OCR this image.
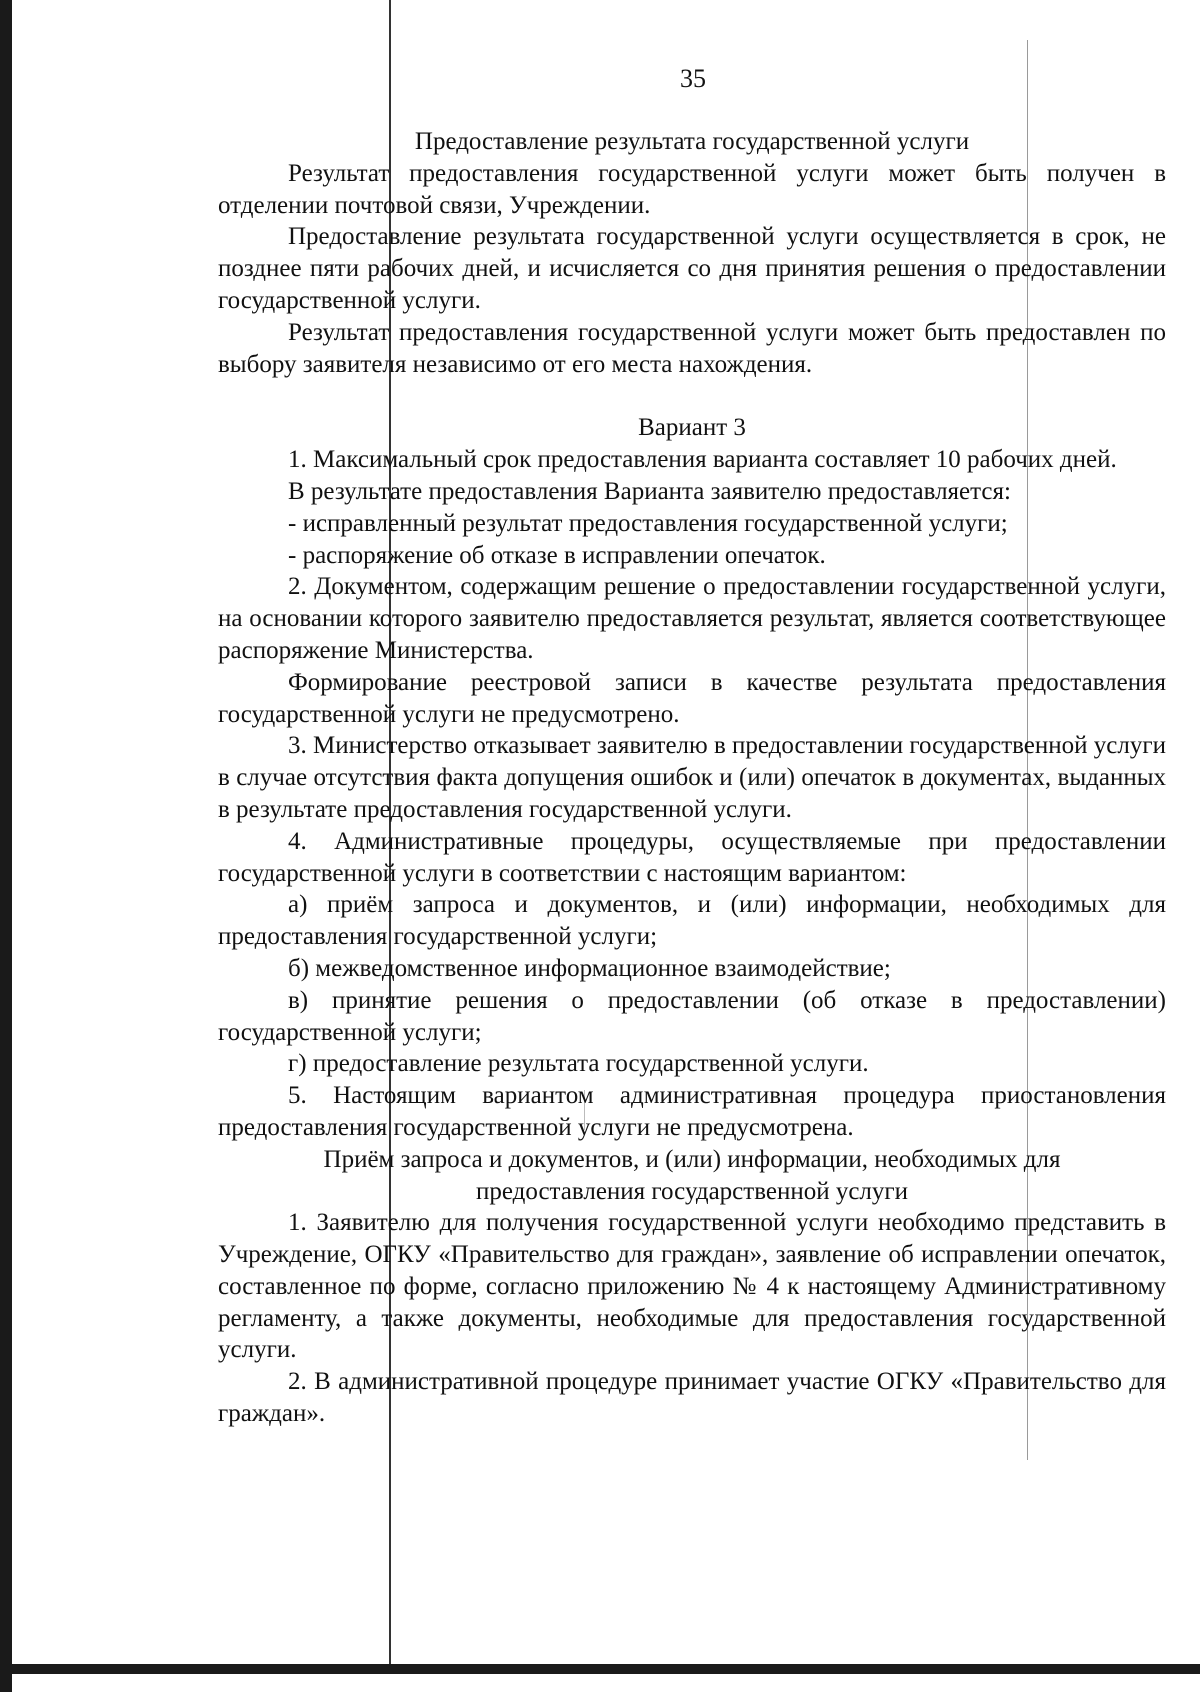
35

Предоставление результата государственной услуги

Результат предоставления государственной услуги может быть получен в отделении почтовой связи, Учреждении.

Предоставление результата государственной услуги осуществляется в срок, не позднее пяти рабочих дней, и исчисляется со дня принятия решения о предоставлении государственной услуги.

Результат предоставления государственной услуги может быть предоставлен по выбору заявителя независимо от его места нахождения.

Вариант 3

1. Максимальный срок предоставления варианта составляет 10 рабочих дней.

В результате предоставления Варианта заявителю предоставляется:

- исправленный результат предоставления государственной услуги;

- распоряжение об отказе в исправлении опечаток.

2. Документом, содержащим решение о предоставлении государственной услуги, на основании которого заявителю предоставляется результат, является соответствующее распоряжение Министерства.

Формирование реестровой записи в качестве результата предоставления государственной услуги не предусмотрено.

3. Министерство отказывает заявителю в предоставлении государственной услуги в случае отсутствия факта допущения ошибок и (или) опечаток в документах, выданных в результате предоставления государственной услуги.

4. Административные процедуры, осуществляемые при предоставлении государственной услуги в соответствии с настоящим вариантом:

а) приём запроса и документов, и (или) информации, необходимых для предоставления государственной услуги;

б) межведомственное информационное взаимодействие;

в) принятие решения о предоставлении (об отказе в предоставлении) государственной услуги;

г) предоставление результата государственной услуги.

5. Настоящим вариантом административная процедура приостановления предоставления государственной услуги не предусмотрена.

Приём запроса и документов, и (или) информации, необходимых для

предоставления государственной услуги

1. Заявителю для получения государственной услуги необходимо представить в Учреждение, ОГКУ «Правительство для граждан», заявление об исправлении опечаток, составленное по форме, согласно приложению № 4 к настоящему Административному регламенту, а также документы, необходимые для предоставления государственной услуги.

2. В административной процедуре принимает участие ОГКУ «Правительство для граждан».
